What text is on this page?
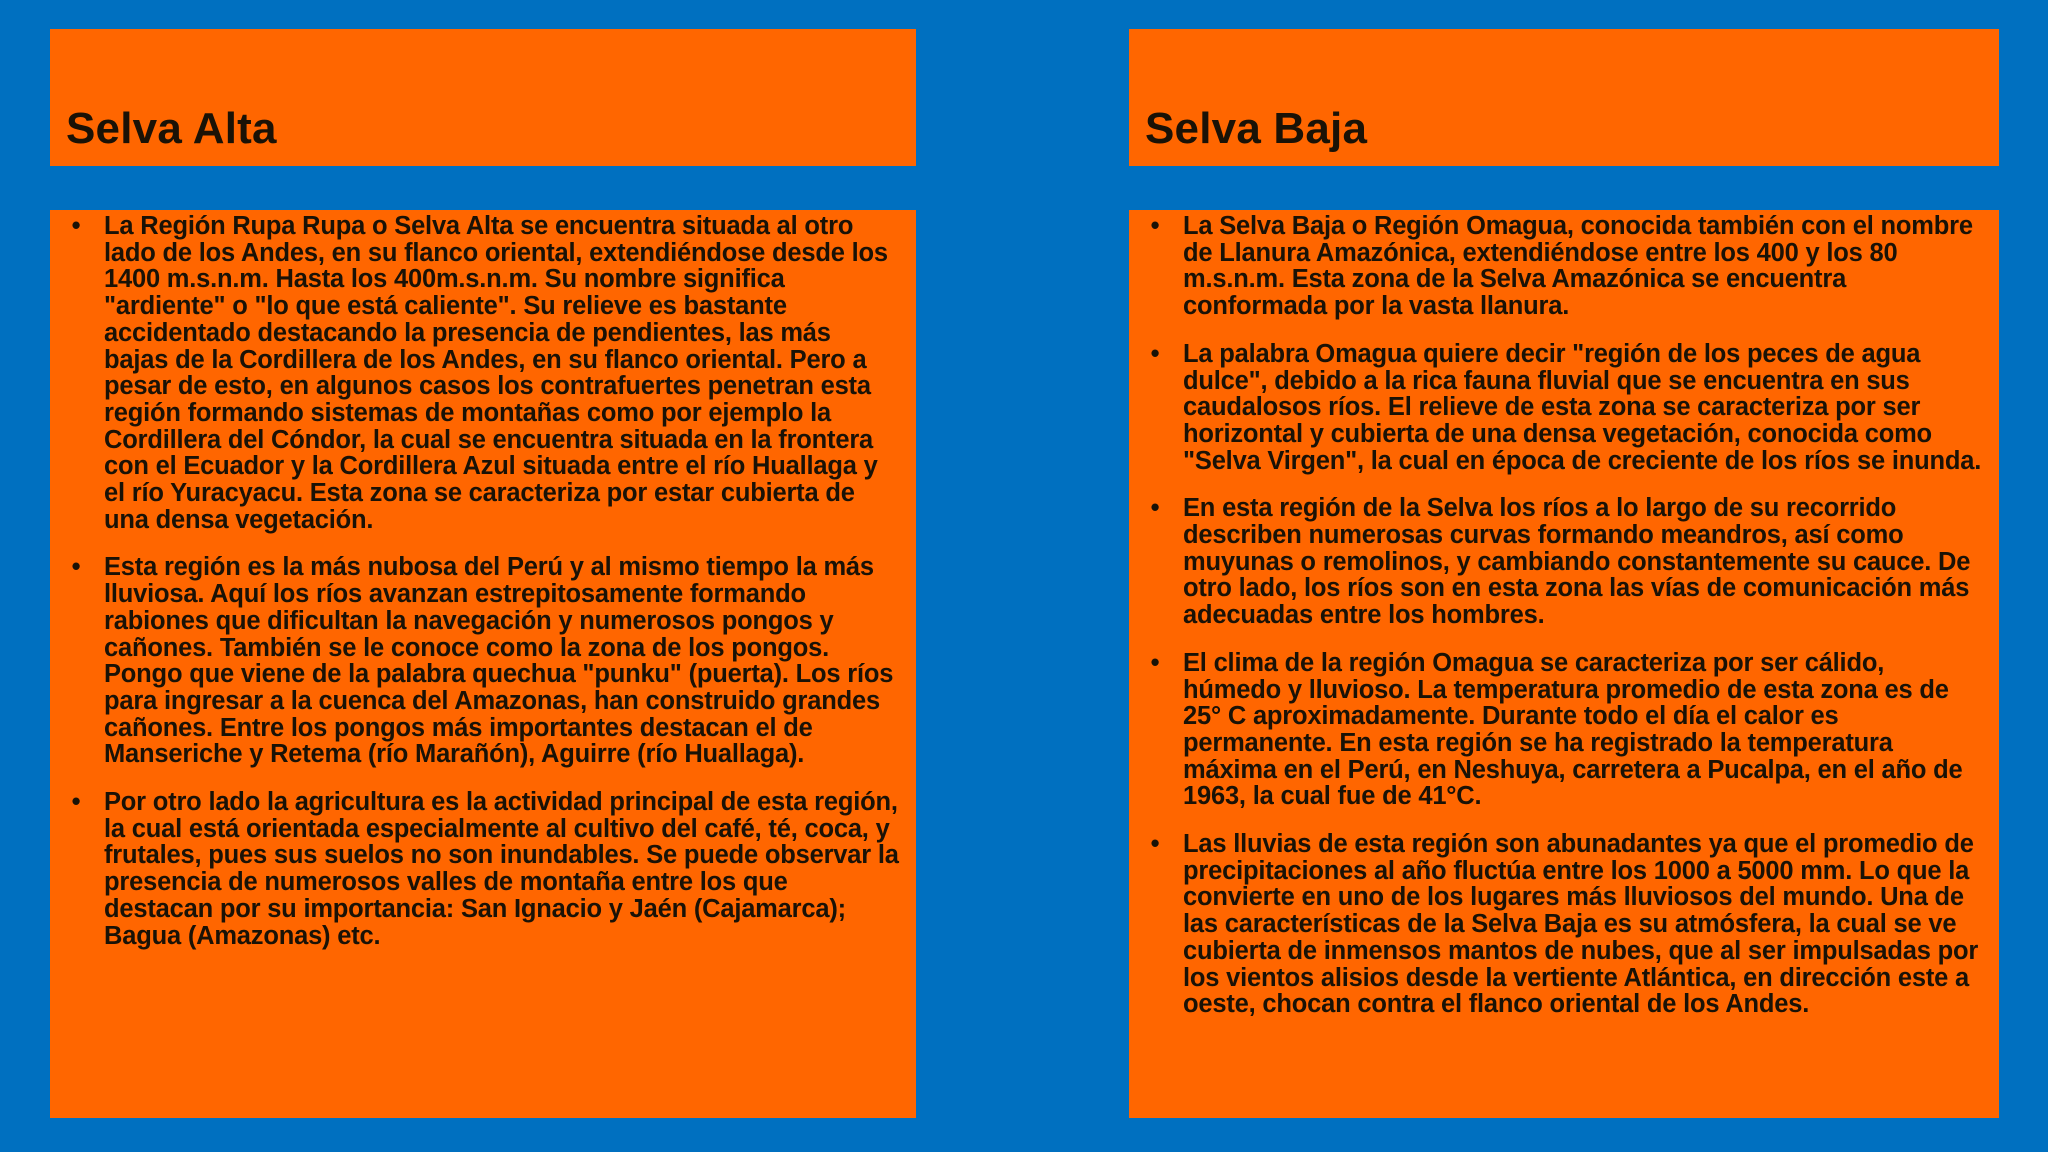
Selva Alta	Selva Baja
• La Región Rupa Rupa o Selva Alta se encuentra situada al otro lado de los Andes, en su flanco oriental, extendiéndose desde los 1400 m.s.n.m. Hasta los 400m.s.n.m. Su nombre significa "ardiente" o "lo que está caliente". Su relieve es bastante accidentado destacando la presencia de pendientes, las más bajas de la Cordillera de los Andes, en su flanco oriental. Pero a pesar de esto, en algunos casos los contrafuertes penetran esta región formando sistemas de montañas como por ejemplo la Cordillera del Cóndor, la cual se encuentra situada en la frontera con el Ecuador y la Cordillera Azul situada entre el río Huallaga y el río Yuracyacu. Esta zona se caracteriza por estar cubierta de una densa vegetación.
• Esta región es la más nubosa del Perú y al mismo tiempo la más lluviosa. Aquí los ríos avanzan estrepitosamente formando rabiones que dificultan la navegación y numerosos pongos y cañones. También se le conoce como la zona de los pongos. Pongo que viene de la palabra quechua "punku" (puerta). Los ríos para ingresar a la cuenca del Amazonas, han construido grandes cañones. Entre los pongos más importantes destacan el de Manseriche y Retema (río Marañón), Aguirre (río Huallaga).
• Por otro lado la agricultura es la actividad principal de esta región, la cual está orientada especialmente al cultivo del café, té, coca, y frutales, pues sus suelos no son inundables. Se puede observar la presencia de numerosos valles de montaña entre los que destacan por su importancia: San Ignacio y Jaén (Cajamarca); Bagua (Amazonas) etc.
• La Selva Baja o Región Omagua, conocida también con el nombre de Llanura Amazónica, extendiéndose entre los 400 y los 80 m.s.n.m. Esta zona de la Selva Amazónica se encuentra conformada por la vasta llanura.
• La palabra Omagua quiere decir "región de los peces de agua dulce", debido a la rica fauna fluvial que se encuentra en sus caudalosos ríos. El relieve de esta zona se caracteriza por ser horizontal y cubierta de una densa vegetación, conocida como "Selva Virgen", la cual en época de creciente de los ríos se inunda.
• En esta región de la Selva los ríos a lo largo de su recorrido describen numerosas curvas formando meandros, así como muyunas o remolinos, y cambiando constantemente su cauce. De otro lado, los ríos son en esta zona las vías de comunicación más adecuadas entre los hombres.
• El clima de la región Omagua se caracteriza por ser cálido, húmedo y lluvioso. La temperatura promedio de esta zona es de 25° C aproximadamente. Durante todo el día el calor es permanente. En esta región se ha registrado la temperatura máxima en el Perú, en Neshuya, carretera a Pucalpa, en el año de 1963, la cual fue de 41°C.
• Las lluvias de esta región son abunadantes ya que el promedio de precipitaciones al año fluctúa entre los 1000 a 5000 mm. Lo que la convierte en uno de los lugares más lluviosos del mundo. Una de las características de la Selva Baja es su atmósfera, la cual se ve cubierta de inmensos mantos de nubes, que al ser impulsadas por los vientos alisios desde la vertiente Atlántica, en dirección este a oeste, chocan contra el flanco oriental de los Andes.
